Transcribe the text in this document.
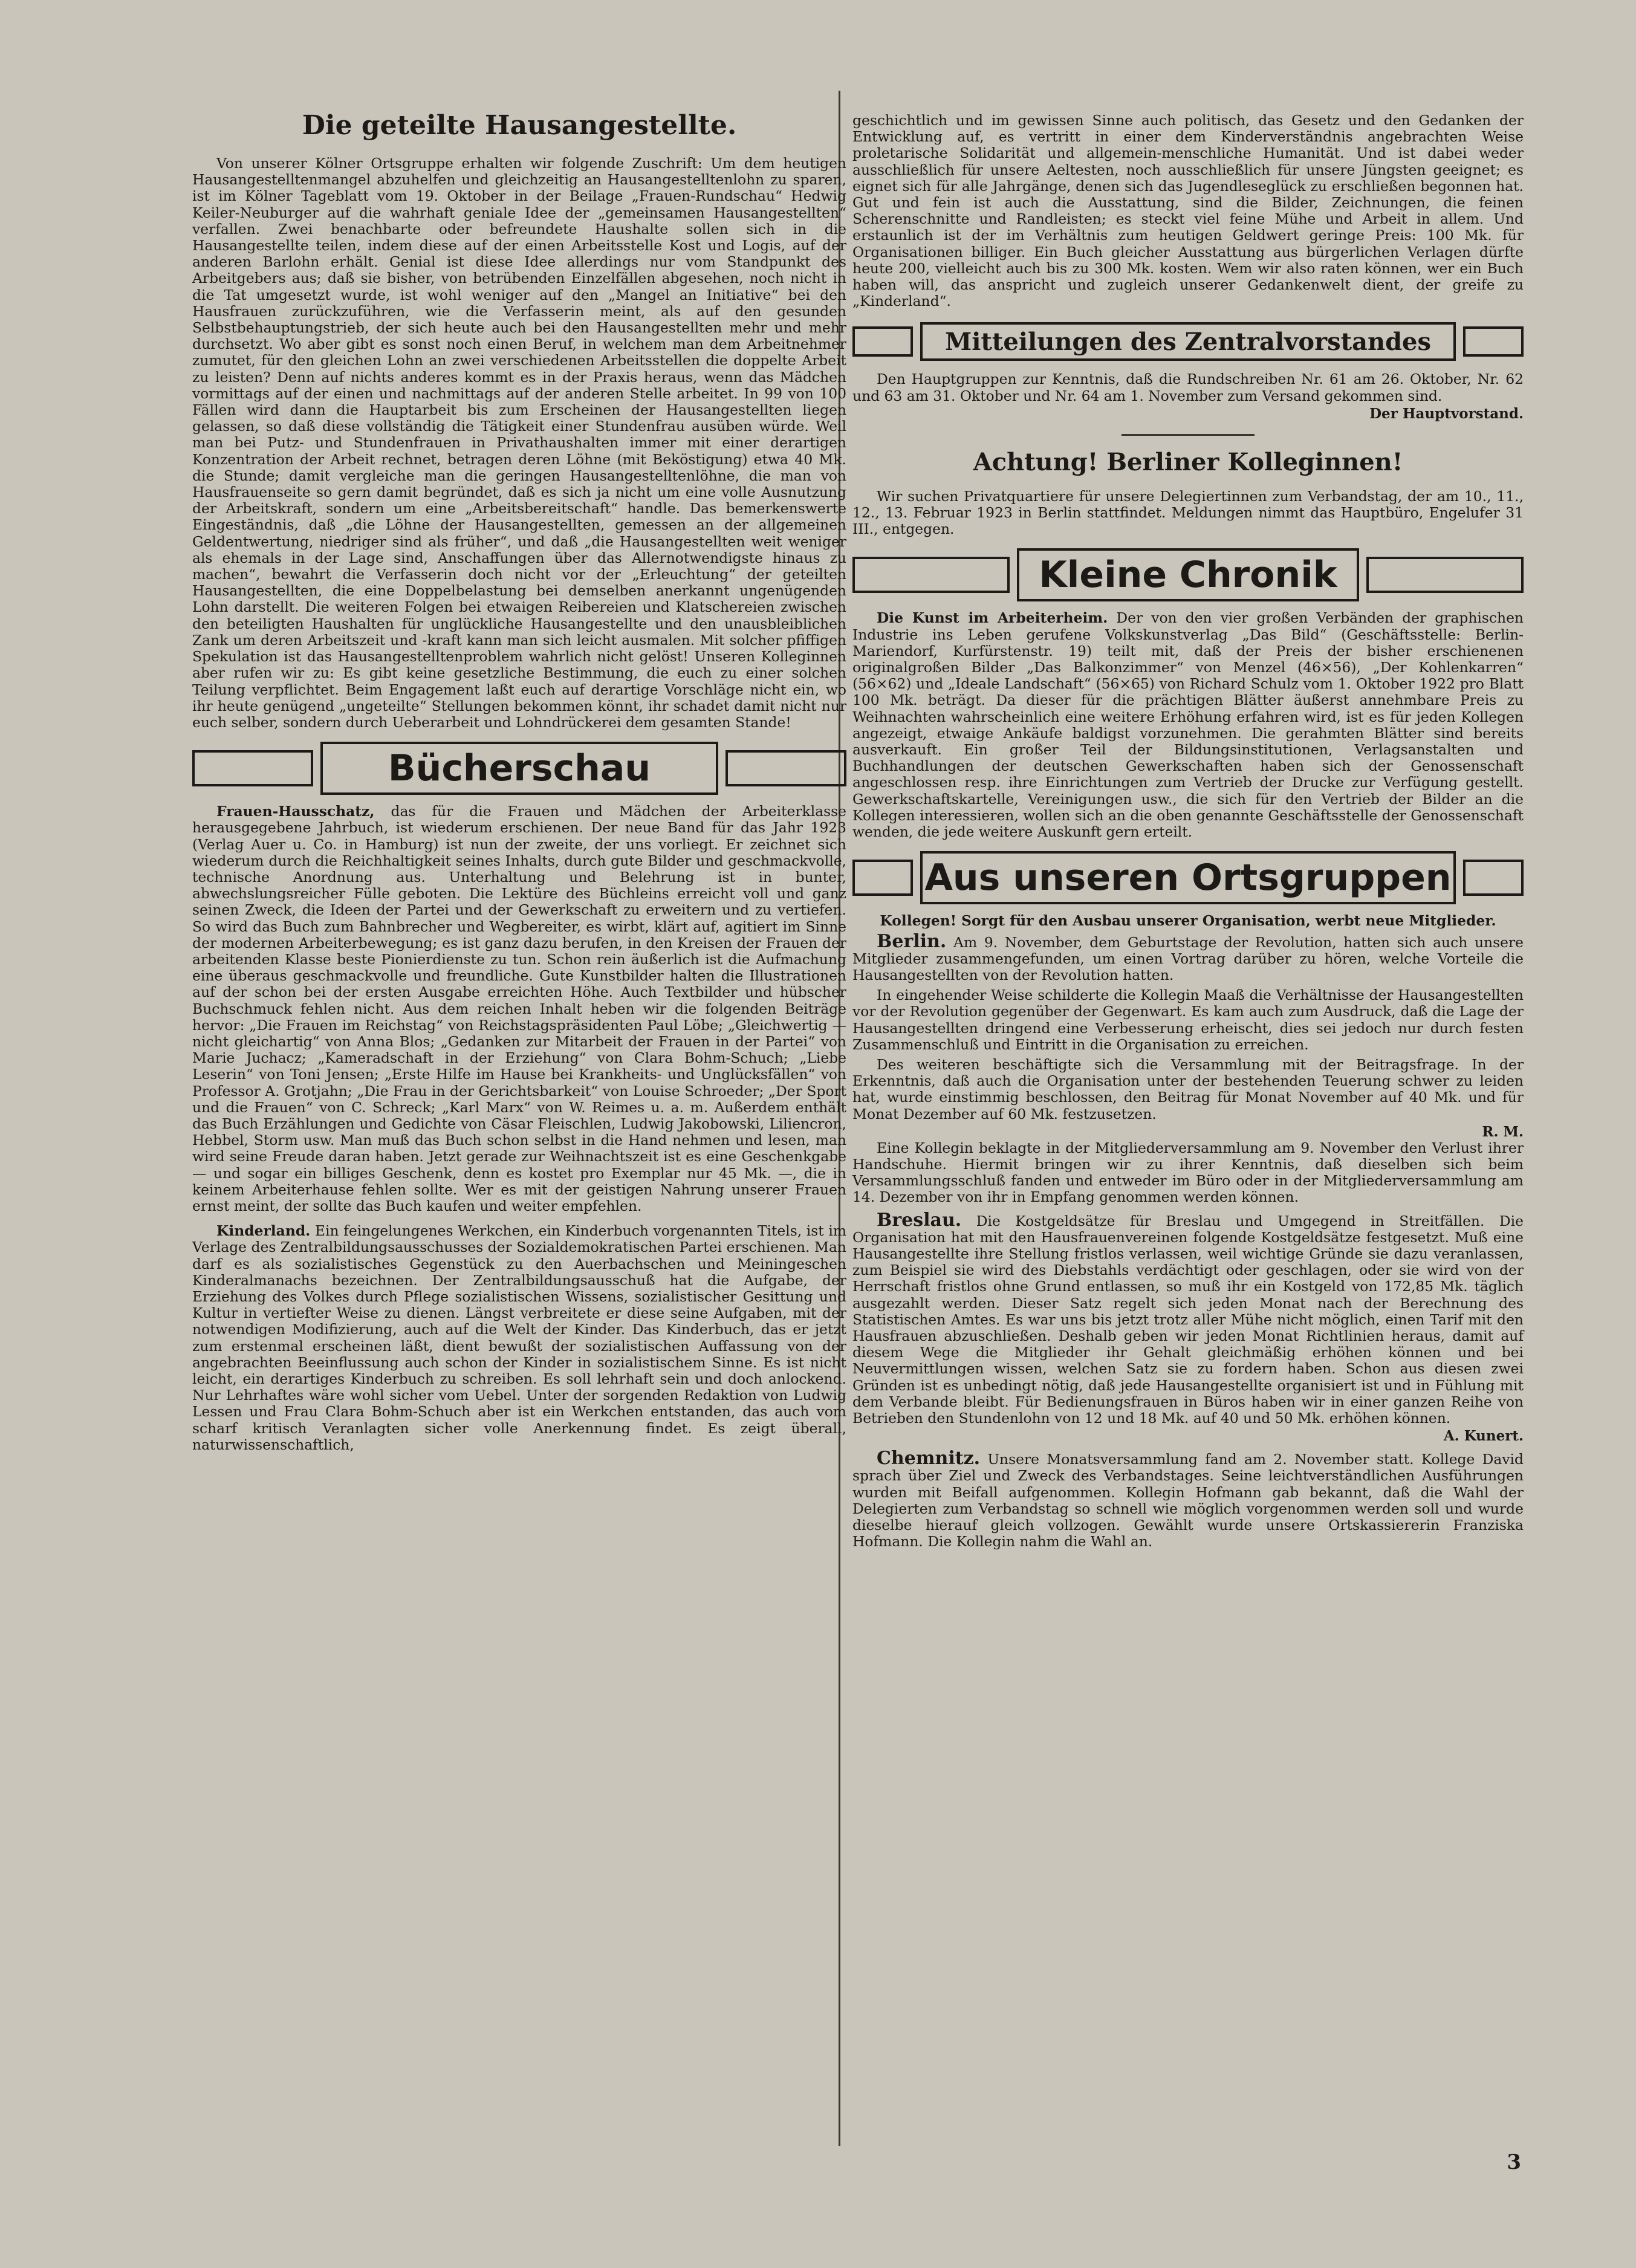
Die geteilte Hausangestellte.

Von unserer Kölner Ortsgruppe erhalten wir folgende Zuschrift: Um dem heutigen Hausangestelltenmangel abzuhelfen und gleichzeitig an Hausangestelltenlohn zu sparen, ist im Kölner Tageblatt vom 19. Oktober in der Beilage „Frauen-Rundschau“ Hedwig Keiler-Neuburger auf die wahrhaft geniale Idee der „gemeinsamen Hausangestellten“ verfallen. Zwei benachbarte oder befreundete Haushalte sollen sich in die Hausangestellte teilen, indem diese auf der einen Arbeitsstelle Kost und Logis, auf der anderen Barlohn erhält. Genial ist diese Idee allerdings nur vom Standpunkt des Arbeitgebers aus; daß sie bisher, von betrübenden Einzelfällen abgesehen, noch nicht in die Tat umgesetzt wurde, ist wohl weniger auf den „Mangel an Initiative“ bei den Hausfrauen zurückzuführen, wie die Verfasserin meint, als auf den gesunden Selbstbehauptungstrieb, der sich heute auch bei den Hausangestellten mehr und mehr durchsetzt. Wo aber gibt es sonst noch einen Beruf, in welchem man dem Arbeitnehmer zumutet, für den gleichen Lohn an zwei verschiedenen Arbeitsstellen die doppelte Arbeit zu leisten? Denn auf nichts anderes kommt es in der Praxis heraus, wenn das Mädchen vormittags auf der einen und nachmittags auf der anderen Stelle arbeitet. In 99 von 100 Fällen wird dann die Hauptarbeit bis zum Erscheinen der Hausangestellten liegen gelassen, so daß diese vollständig die Tätigkeit einer Stundenfrau ausüben würde. Weil man bei Putz- und Stundenfrauen in Privathaushalten immer mit einer derartigen Konzentration der Arbeit rechnet, betragen deren Löhne (mit Beköstigung) etwa 40 Mk. die Stunde; damit vergleiche man die geringen Hausangestelltenlöhne, die man von Hausfrauenseite so gern damit begründet, daß es sich ja nicht um eine volle Ausnutzung der Arbeitskraft, sondern um eine „Arbeitsbereitschaft“ handle. Das bemerkenswerte Eingeständnis, daß „die Löhne der Hausangestellten, gemessen an der allgemeinen Geldentwertung, niedriger sind als früher“, und daß „die Hausangestellten weit weniger als ehemals in der Lage sind, Anschaffungen über das Allernotwendigste hinaus zu machen“, bewahrt die Verfasserin doch nicht vor der „Erleuchtung“ der geteilten Hausangestellten, die eine Doppelbelastung bei demselben anerkannt ungenügenden Lohn darstellt. Die weiteren Folgen bei etwaigen Reibereien und Klatschereien zwischen den beteiligten Haushalten für unglückliche Hausangestellte und den unausbleiblichen Zank um deren Arbeitszeit und -kraft kann man sich leicht ausmalen. Mit solcher pfiffigen Spekulation ist das Hausangestelltenproblem wahrlich nicht gelöst! Unseren Kolleginnen aber rufen wir zu: Es gibt keine gesetzliche Bestimmung, die euch zu einer solchen Teilung verpflichtet. Beim Engagement laßt euch auf derartige Vorschläge nicht ein, wo ihr heute genügend „ungeteilte“ Stellungen bekommen könnt, ihr schadet damit nicht nur euch selber, sondern durch Ueberarbeit und Lohndrückerei dem gesamten Stande!

Bücherschau

Frauen-Hausschatz, das für die Frauen und Mädchen der Arbeiterklasse herausgegebene Jahrbuch, ist wiederum erschienen. Der neue Band für das Jahr 1923 (Verlag Auer u. Co. in Hamburg) ist nun der zweite, der uns vorliegt. Er zeichnet sich wiederum durch die Reichhaltigkeit seines Inhalts, durch gute Bilder und geschmackvolle, technische Anordnung aus. Unterhaltung und Belehrung ist in bunter, abwechslungsreicher Fülle geboten. Die Lektüre des Büchleins erreicht voll und ganz seinen Zweck, die Ideen der Partei und der Gewerkschaft zu erweitern und zu vertiefen. So wird das Buch zum Bahnbrecher und Wegbereiter, es wirbt, klärt auf, agitiert im Sinne der modernen Arbeiterbewegung; es ist ganz dazu berufen, in den Kreisen der Frauen der arbeitenden Klasse beste Pionierdienste zu tun. Schon rein äußerlich ist die Aufmachung eine überaus geschmackvolle und freundliche. Gute Kunstbilder halten die Illustrationen auf der schon bei der ersten Ausgabe erreichten Höhe. Auch Textbilder und hübscher Buchschmuck fehlen nicht. Aus dem reichen Inhalt heben wir die folgenden Beiträge hervor: „Die Frauen im Reichstag“ von Reichstagspräsidenten Paul Löbe; „Gleichwertig — nicht gleichartig“ von Anna Blos; „Gedanken zur Mitarbeit der Frauen in der Partei“ von Marie Juchacz; „Kameradschaft in der Erziehung“ von Clara Bohm-Schuch; „Liebe Leserin“ von Toni Jensen; „Erste Hilfe im Hause bei Krankheits- und Unglücksfällen“ von Professor A. Grotjahn; „Die Frau in der Gerichtsbarkeit“ von Louise Schroeder; „Der Sport und die Frauen“ von C. Schreck; „Karl Marx“ von W. Reimes u. a. m. Außerdem enthält das Buch Erzählungen und Gedichte von Cäsar Fleischlen, Ludwig Jakobowski, Liliencron, Hebbel, Storm usw. Man muß das Buch schon selbst in die Hand nehmen und lesen, man wird seine Freude daran haben. Jetzt gerade zur Weihnachtszeit ist es eine Geschenkgabe — und sogar ein billiges Geschenk, denn es kostet pro Exemplar nur 45 Mk. —, die in keinem Arbeiterhause fehlen sollte. Wer es mit der geistigen Nahrung unserer Frauen ernst meint, der sollte das Buch kaufen und weiter empfehlen.

Kinderland. Ein feingelungenes Werkchen, ein Kinderbuch vorgenannten Titels, ist im Verlage des Zentralbildungsausschusses der Sozialdemokratischen Partei erschienen. Man darf es als sozialistisches Gegenstück zu den Auerbachschen und Meiningeschen Kinderalmanachs bezeichnen. Der Zentralbildungsausschuß hat die Aufgabe, der Erziehung des Volkes durch Pflege sozialistischen Wissens, sozialistischer Gesittung und Kultur in vertiefter Weise zu dienen. Längst verbreitete er diese seine Aufgaben, mit der notwendigen Modifizierung, auch auf die Welt der Kinder. Das Kinderbuch, das er jetzt zum erstenmal erscheinen läßt, dient bewußt der sozialistischen Auffassung von der angebrachten Beeinflussung auch schon der Kinder in sozialistischem Sinne. Es ist nicht leicht, ein derartiges Kinderbuch zu schreiben. Es soll lehrhaft sein und doch anlockend. Nur Lehrhaftes wäre wohl sicher vom Uebel. Unter der sorgenden Redaktion von Ludwig Lessen und Frau Clara Bohm-Schuch aber ist ein Werkchen entstanden, das auch vom scharf kritisch Veranlagten sicher volle Anerkennung findet. Es zeigt überall, naturwissenschaftlich,

geschichtlich und im gewissen Sinne auch politisch, das Gesetz und den Gedanken der Entwicklung auf, es vertritt in einer dem Kinderverständnis angebrachten Weise proletarische Solidarität und allgemein-menschliche Humanität. Und ist dabei weder ausschließlich für unsere Aeltesten, noch ausschließlich für unsere Jüngsten geeignet; es eignet sich für alle Jahrgänge, denen sich das Jugendlesеglück zu erschließen begonnen hat. Gut und fein ist auch die Ausstattung, sind die Bilder, Zeichnungen, die feinen Scherenschnitte und Randleisten; es steckt viel feine Mühe und Arbeit in allem. Und erstaunlich ist der im Verhältnis zum heutigen Geldwert geringe Preis: 100 Mk. für Organisationen billiger. Ein Buch gleicher Ausstattung aus bürgerlichen Verlagen dürfte heute 200, vielleicht auch bis zu 300 Mk. kosten. Wem wir also raten können, wer ein Buch haben will, das anspricht und zugleich unserer Gedankenwelt dient, der greife zu „Kinderland“.

Mitteilungen des Zentralvorstandes

Den Hauptgruppen zur Kenntnis, daß die Rundschreiben Nr. 61 am 26. Oktober, Nr. 62 und 63 am 31. Oktober und Nr. 64 am 1. November zum Versand gekommen sind.

Der Hauptvorstand.
Achtung! Berliner Kolleginnen!

Wir suchen Privatquartiere für unsere Delegiertinnen zum Verbandstag, der am 10., 11., 12., 13. Februar 1923 in Berlin stattfindet. Meldungen nimmt das Hauptbüro, Engelufer 31 III., entgegen.

Kleine Chronik

Die Kunst im Arbeiterheim. Der von den vier großen Verbänden der graphischen Industrie ins Leben gerufene Volkskunstverlag „Das Bild“ (Geschäftsstelle: Berlin-Mariendorf, Kurfürstenstr. 19) teilt mit, daß der Preis der bisher erschienenen originalgroßen Bilder „Das Balkonzimmer“ von Menzel (46×56), „Der Kohlenkarren“ (56×62) und „Ideale Landschaft“ (56×65) von Richard Schulz vom 1. Oktober 1922 pro Blatt 100 Mk. beträgt. Da dieser für die prächtigen Blätter äußerst annehmbare Preis zu Weihnachten wahrscheinlich eine weitere Erhöhung erfahren wird, ist es für jeden Kollegen angezeigt, etwaige Ankäufe baldigst vorzunehmen. Die gerahmten Blätter sind bereits ausverkauft. Ein großer Teil der Bildungsinstitutionen, Verlagsanstalten und Buchhandlungen der deutschen Gewerkschaften haben sich der Genossenschaft angeschlossen resp. ihre Einrichtungen zum Vertrieb der Drucke zur Verfügung gestellt. Gewerkschaftskartelle, Vereinigungen usw., die sich für den Vertrieb der Bilder an die Kollegen interessieren, wollen sich an die oben genannte Geschäftsstelle der Genossenschaft wenden, die jede weitere Auskunft gern erteilt.

Aus unseren Ortsgruppen

Kollegen! Sorgt für den Ausbau unserer Organisation, werbt neue Mitglieder.

Berlin. Am 9. November, dem Geburtstage der Revolution, hatten sich auch unsere Mitglieder zusammengefunden, um einen Vortrag darüber zu hören, welche Vorteile die Hausangestellten von der Revolution hatten.

In eingehender Weise schilderte die Kollegin Maaß die Verhältnisse der Hausangestellten vor der Revolution gegenüber der Gegenwart. Es kam auch zum Ausdruck, daß die Lage der Hausangestellten dringend eine Verbesserung erheischt, dies sei jedoch nur durch festen Zusammenschluß und Eintritt in die Organisation zu erreichen.

Des weiteren beschäftigte sich die Versammlung mit der Beitragsfrage. In der Erkenntnis, daß auch die Organisation unter der bestehenden Teuerung schwer zu leiden hat, wurde einstimmig beschlossen, den Beitrag für Monat November auf 40 Mk. und für Monat Dezember auf 60 Mk. festzusetzen.

R. M.

Eine Kollegin beklagte in der Mitgliederversammlung am 9. November den Verlust ihrer Handschuhe. Hiermit bringen wir zu ihrer Kenntnis, daß dieselben sich beim Versammlungsschluß fanden und entweder im Büro oder in der Mitgliederversammlung am 14. Dezember von ihr in Empfang genommen werden können.

Breslau. Die Kostgeldsätze für Breslau und Umgegend in Streitfällen. Die Organisation hat mit den Hausfrauenvereinen folgende Kostgeldsätze festgesetzt. Muß eine Hausangestellte ihre Stellung fristlos verlassen, weil wichtige Gründe sie dazu veranlassen, zum Beispiel sie wird des Diebstahls verdächtigt oder geschlagen, oder sie wird von der Herrschaft fristlos ohne Grund entlassen, so muß ihr ein Kostgeld von 172,85 Mk. täglich ausgezahlt werden. Dieser Satz regelt sich jeden Monat nach der Berechnung des Statistischen Amtes. Es war uns bis jetzt trotz aller Mühe nicht möglich, einen Tarif mit den Hausfrauen abzuschließen. Deshalb geben wir jeden Monat Richtlinien heraus, damit auf diesem Wege die Mitglieder ihr Gehalt gleichmäßig erhöhen können und bei Neuvermittlungen wissen, welchen Satz sie zu fordern haben. Schon aus diesen zwei Gründen ist es unbedingt nötig, daß jede Hausangestellte organisiert ist und in Fühlung mit dem Verbande bleibt. Für Bedienungsfrauen in Büros haben wir in einer ganzen Reihe von Betrieben den Stundenlohn von 12 und 18 Mk. auf 40 und 50 Mk. erhöhen können.

A. Kunert.

Chemnitz. Unsere Monatsversammlung fand am 2. November statt. Kollege David sprach über Ziel und Zweck des Verbandstages. Seine leichtverständlichen Ausführungen wurden mit Beifall aufgenommen. Kollegin Hofmann gab bekannt, daß die Wahl der Delegierten zum Verbandstag so schnell wie möglich vorgenommen werden soll und wurde dieselbe hierauf gleich vollzogen. Gewählt wurde unsere Ortskassiererin Franziska Hofmann. Die Kollegin nahm die Wahl an.

3
